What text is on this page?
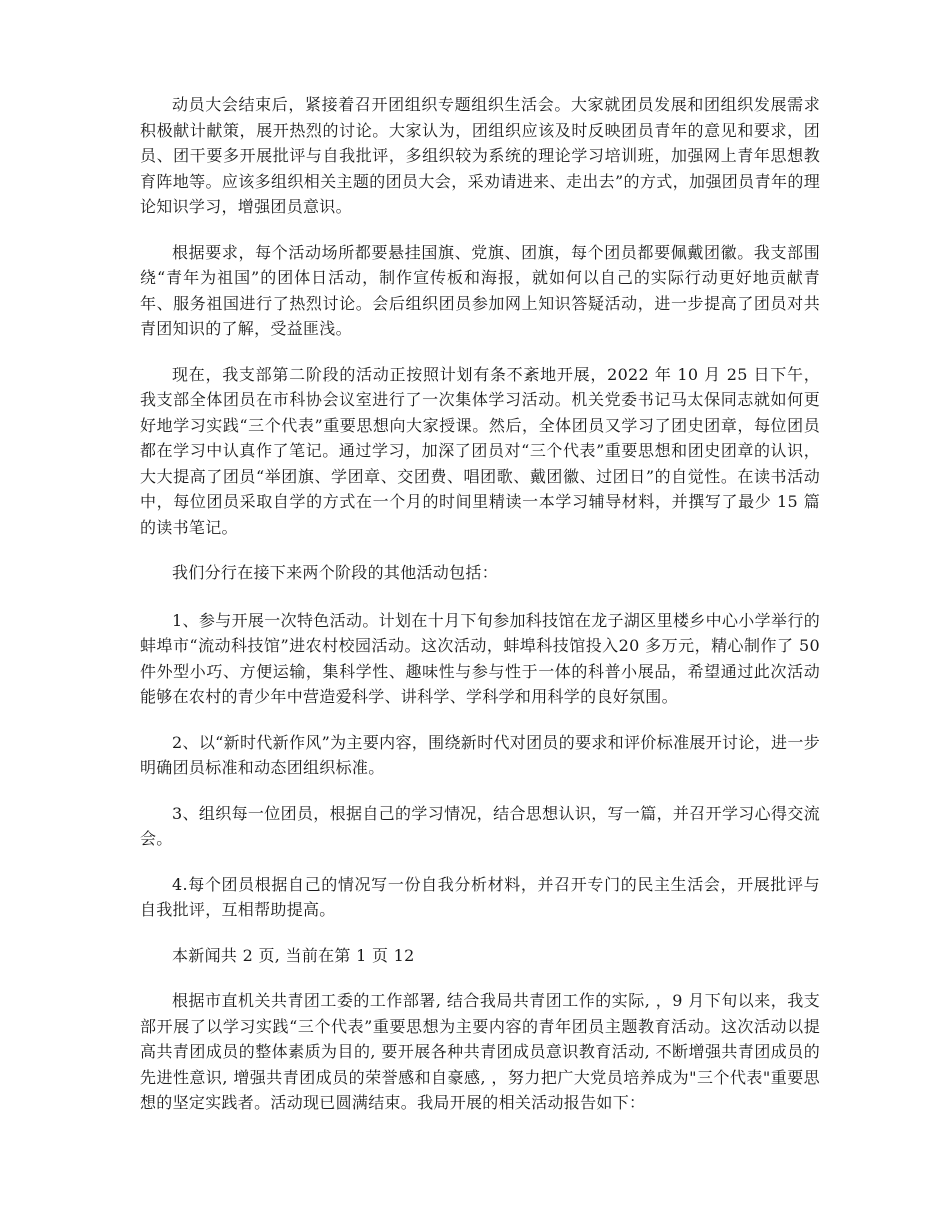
动员大会结束后，紧接着召开团组织专题组织生活会。大家就团员发展和团组织发展需求积极献计献策，展开热烈的讨论。大家认为，团组织应该及时反映团员青年的意见和要求，团员、团干要多开展批评与自我批评，多组织较为系统的理论学习培训班，加强网上青年思想教育阵地等。应该多组织相关主题的团员大会，采劝请进来、走出去”的方式，加强团员青年的理论知识学习，增强团员意识。

根据要求，每个活动场所都要悬挂国旗、党旗、团旗，每个团员都要佩戴团徽。我支部围绕“青年为祖国”的团体日活动，制作宣传板和海报，就如何以自己的实际行动更好地贡献青年、服务祖国进行了热烈讨论。会后组织团员参加网上知识答疑活动，进一步提高了团员对共青团知识的了解，受益匪浅。

现在，我支部第二阶段的活动正按照计划有条不紊地开展，2022 年 10 月 25 日下午，我支部全体团员在市科协会议室进行了一次集体学习活动。机关党委书记马太保同志就如何更好地学习实践“三个代表”重要思想向大家授课。然后，全体团员又学习了团史团章，每位团员都在学习中认真作了笔记。通过学习，加深了团员对“三个代表”重要思想和团史团章的认识，大大提高了团员“举团旗、学团章、交团费、唱团歌、戴团徽、过团日”的自觉性。在读书活动中，每位团员采取自学的方式在一个月的时间里精读一本学习辅导材料，并撰写了最少 15 篇的读书笔记。

我们分行在接下来两个阶段的其他活动包括：

1、参与开展一次特色活动。计划在十月下旬参加科技馆在龙子湖区里楼乡中心小学举行的蚌埠市“流动科技馆”进农村校园活动。这次活动，蚌埠科技馆投入20 多万元，精心制作了 50 件外型小巧、方便运输，集科学性、趣味性与参与性于一体的科普小展品，希望通过此次活动能够在农村的青少年中营造爱科学、讲科学、学科学和用科学的良好氛围。

2、以“新时代新作风”为主要内容，围绕新时代对团员的要求和评价标准展开讨论，进一步明确团员标准和动态团组织标准。

3、组织每一位团员，根据自己的学习情况，结合思想认识，写一篇，并召开学习心得交流会。

4.每个团员根据自己的情况写一份自我分析材料，并召开专门的民主生活会，开展批评与自我批评，互相帮助提高。

本新闻共 2 页, 当前在第 1 页 12

根据市直机关共青团工委的工作部署, 结合我局共青团工作的实际, ，9 月下旬以来，我支部开展了以学习实践“三个代表”重要思想为主要内容的青年团员主题教育活动。这次活动以提高共青团成员的整体素质为目的, 要开展各种共青团成员意识教育活动, 不断增强共青团成员的先进性意识, 增强共青团成员的荣誉感和自豪感, ，努力把广大党员培养成为"三个代表"重要思想的坚定实践者。活动现已圆满结束。我局开展的相关活动报告如下：
